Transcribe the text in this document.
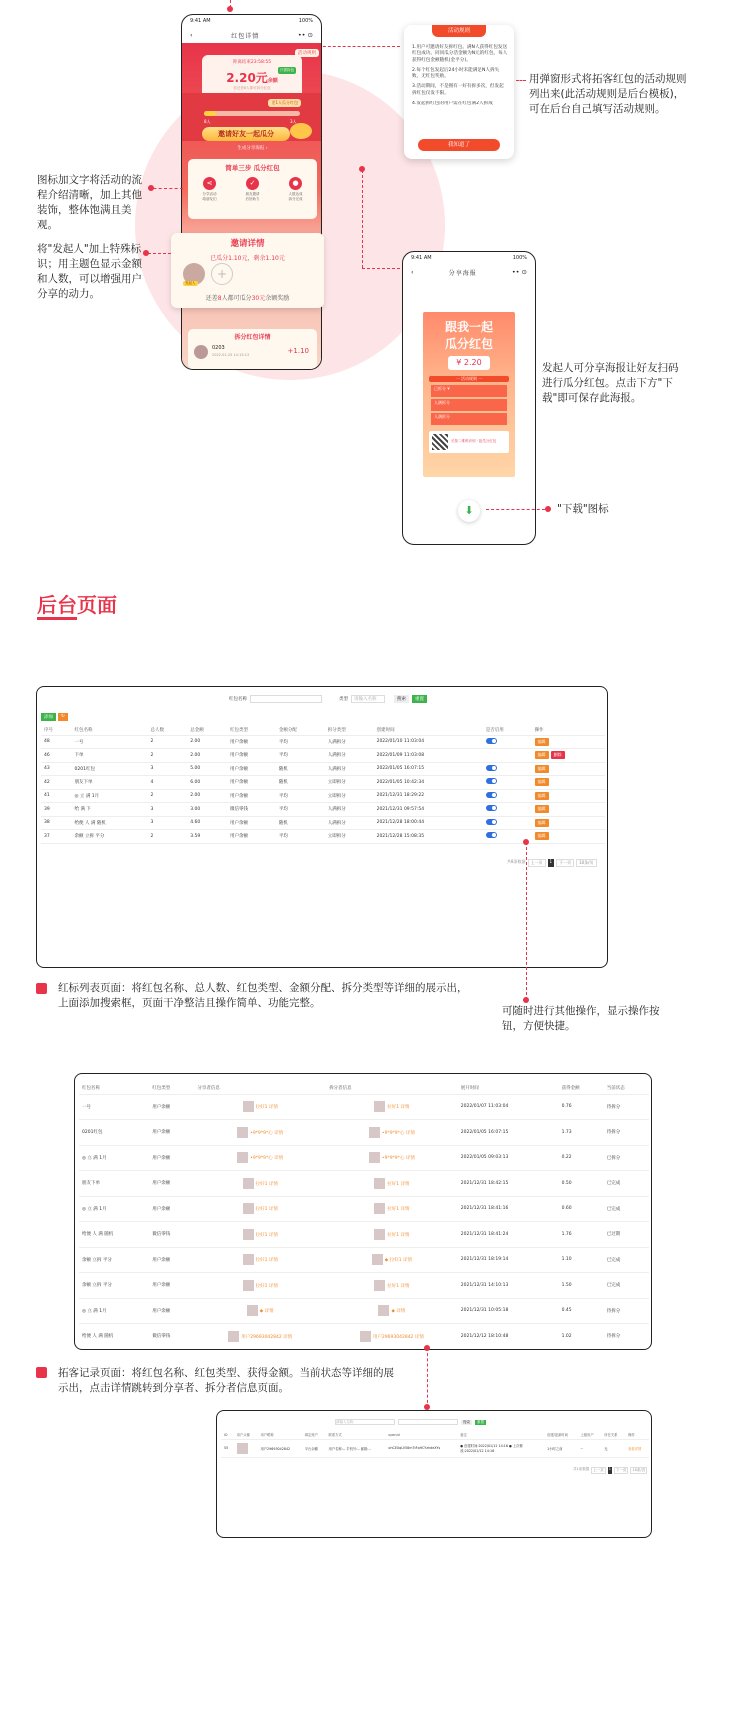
9:41 AM	100%
‹	红包详情	•• ⊙
活动规则
距离结束23:58:55
只需拆包
2.20元余额
你还差8人即可拆分红包
差1人瓜分红包
8人	3人
邀请好友一起瓜分
生成分享海报 ›
简单三步 瓜分红包
⋖
分享活动
给朋友们
✓
朋友邀请
后好助力
●
人数达成
拆分完成
拆分红包详情
0203
2022-01-25 14:15:13	+1.10
邀请详情
已瓜分1.10元，剩余1.10元
发起人
+
还差8人都可瓜分30元余额奖励
活动规则
1.用户可邀请好友拆红包。满N人获得红包发送红包成功。同同瓜分活金额为N元的红包，每人获得红包金额随机(金平分)。
2.每个红包发起后24小时未能满足N人拆失败，无红包奖励。
3.活动期间，不是拥有一好有拆多次，但发起拆红包仅发不限。
4.发起拆红包的用户需在红包满2人拆成
我知道了
用弹窗形式将拓客红包的活动规则列出来(此活动规则是后台模板)，可在后台自己填写活动规则。
图标加文字将活动的流程介绍清晰，加上其他装饰，整体饱满且美观。
将"发起人"加上特殊标识；用主题色显示金额和人数，可以增强用户分享的动力。
9:41 AM	100%
‹	分享海报	•• ⊙
跟我一起
瓜分红包
¥ 2.20
一 活动规则 一
已拆分 ¥
人满拆分
人满拆分
长按二维码识别 · 抢瓜分红包
⬇
发起人可分享海报让好友扫码进行瓜分红包。点击下方"下载"即可保存此海报。
"下载"图标
后台页面
红包名称	类型	请输入名称	搜索	重置
添加	↻
序号	红包名称	总人数	总金额	红包类型	金额分配	拆分类型	创建时间	是否启用	操作
48	一号	2	2.00	用户余额	平均	人满拆分	2022/01/10 11:03:04		编辑
46	下单	2	2.00	用户余额	平均	人满拆分	2022/01/09 11:03:08		编辑 删除
43	0201红包	3	5.00	用户余额	随机	人满拆分	2022/01/05 16:07:15		编辑
42	朋友下单	4	6.00	用户余额	随机	立即拆分	2022/01/05 10:42:34		编辑
41	◎ 立 满 1月	2	2.00	用户余额	平均	立即拆分	2021/12/31 18:29:22		编辑
39	给 满 下	3	3.00	微信零钱	平均	人满拆分	2021/12/31 09:57:54		编辑
38	给便 人 满 随机	3	4.60	用户余额	随机	人满拆分	2021/12/28 18:00:44		编辑
37	余额 立拆 平分	2	3.59	用户余额	平均	立即拆分	2021/12/28 15:08:35		编辑
共8条数据	上一页	1	下一页	10条/页
红标列表页面：将红包名称、总人数、红包类型、金额分配、拆分类型等详细的展示出，上面添加搜索框，页面干净整洁且操作简单、功能完整。
可随时进行其他操作，显示操作按钮，方便快捷。
红包名称	红包类型	分享者信息	拆分者信息	展开时间	获得金额	当前状态
一号	用户余额	拉好1 详情	拉好1 详情	2022/01/07 11:03:04	0.76	待拆分
0201红包	用户余额	•9*9*9*心 详情	•9*9*9*心 详情	2022/01/05 16:07:15	1.73	待拆分
◎ 立 满 1月	用户余额	•9*9*9*心 详情	•9*9*9*心 详情	2022/01/05 09:03:13	0.22	已拆分
朋友下单	用户余额	拉好1 详情	拉好1 详情	2021/12/31 18:42:15	0.50	已完成
◎ 立 满 1月	用户余额	拉好1 详情	拉好1 详情	2021/12/31 18:41:16	0.60	已完成
给便 人 满 随机	微信零钱	拉好1 详情	拉好1 详情	2021/12/31 18:41:24	1.76	已过期
余额 立拆 平分	用户余额	拉好1 详情	◆ 拉好1 详情	2021/12/31 18:19:14	1.10	已完成
余额 立拆 平分	用户余额	拉好1 详情	拉好1 详情	2021/12/31 14:10:13	1.50	已完成
◎ 立 满 1月	用户余额	◆ 详情	◆ 详情	2021/12/31 10:05:18	0.45	待拆分
给便 人 满 随机	微信零钱	用户29693042842 详情	用户29693042842 详情	2021/12/12 18:10:48	1.02	待拆分
拓客记录页面：将红包名称、红包类型、获得金额。当前状态等详细的展示出，点击详情跳转到分享者、拆分者信息页面。
请输入名称	搜索	重置
ID	用户头像	用户昵称	绑定账户	联系方式	openid	备注	创建/更新时间	上级用户	所在关系	操作
55		用户29693042842	平台余额	用户名称:-- 手机号:-- 邮箱:--	ohCEXqLV58m7tFoHCYzhdeXYs	● 创建时间:2022/01/12 14:16 ● 上次修改:2022/01/12 14:16	1小时之前	--	无	查看详情
共1条数据	上一页	1	下一页	10条/页
